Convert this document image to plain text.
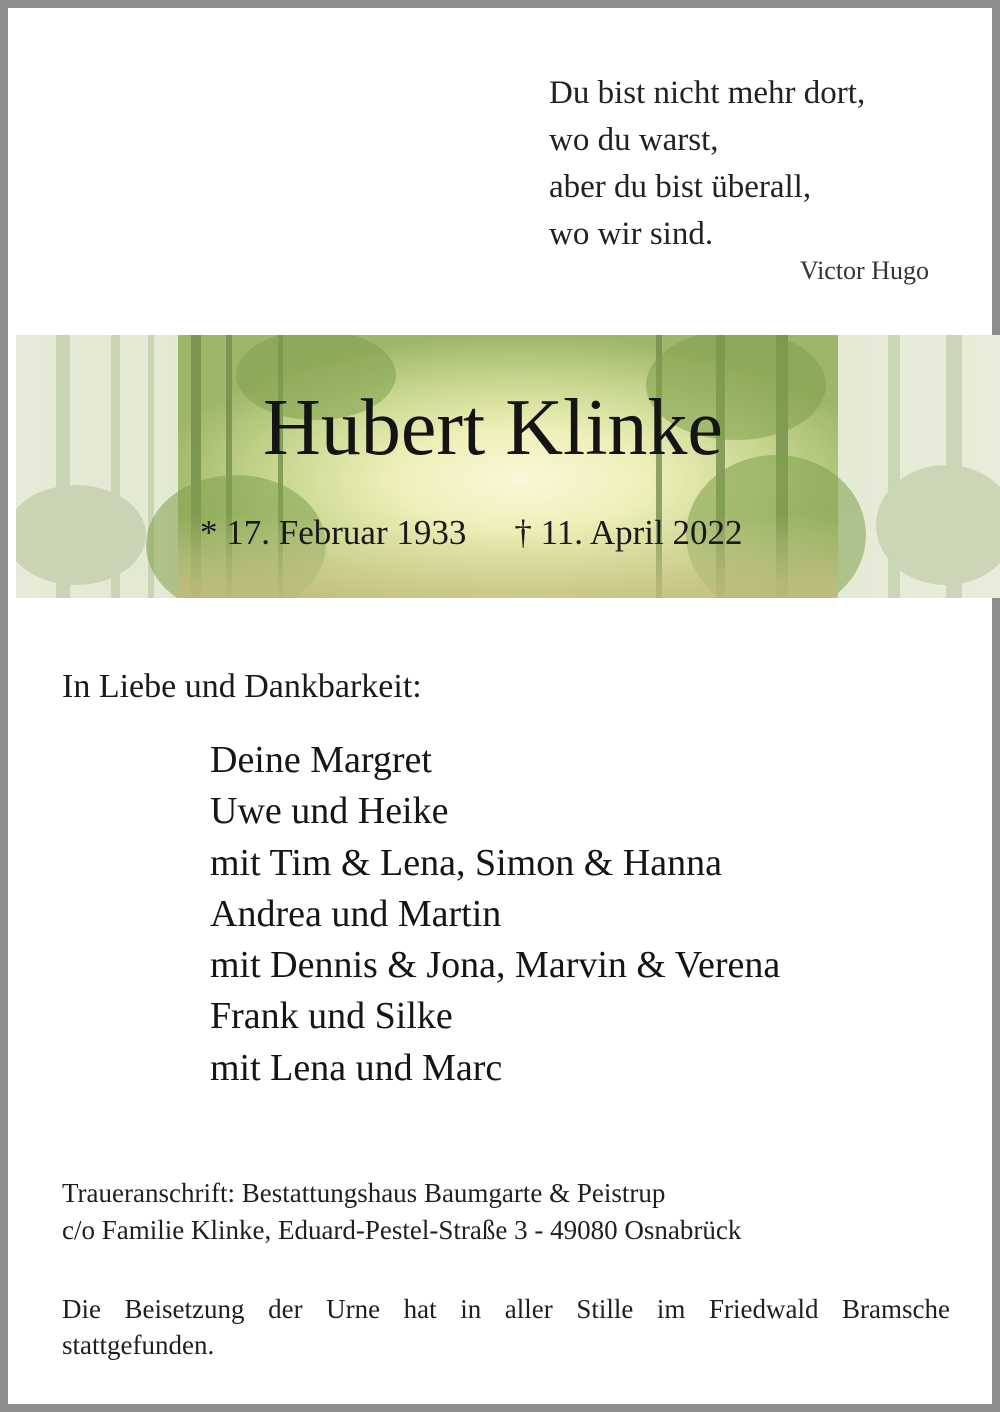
Du bist nicht mehr dort,
wo du warst,
aber du bist überall,
wo wir sind.
Victor Hugo
Hubert Klinke
* 17. Februar 1933 † 11. April 2022
In Liebe und Dankbarkeit:
Deine Margret
Uwe und Heike
mit Tim & Lena, Simon & Hanna
Andrea und Martin
mit Dennis & Jona, Marvin & Verena
Frank und Silke
mit Lena und Marc
Traueranschrift: Bestattungshaus Baumgarte & Peistrup
c/o Familie Klinke, Eduard-Pestel-Straße 3 - 49080 Osnabrück
Die Beisetzung der Urne hat in aller Stille im Friedwald Bramsche
stattgefunden.
